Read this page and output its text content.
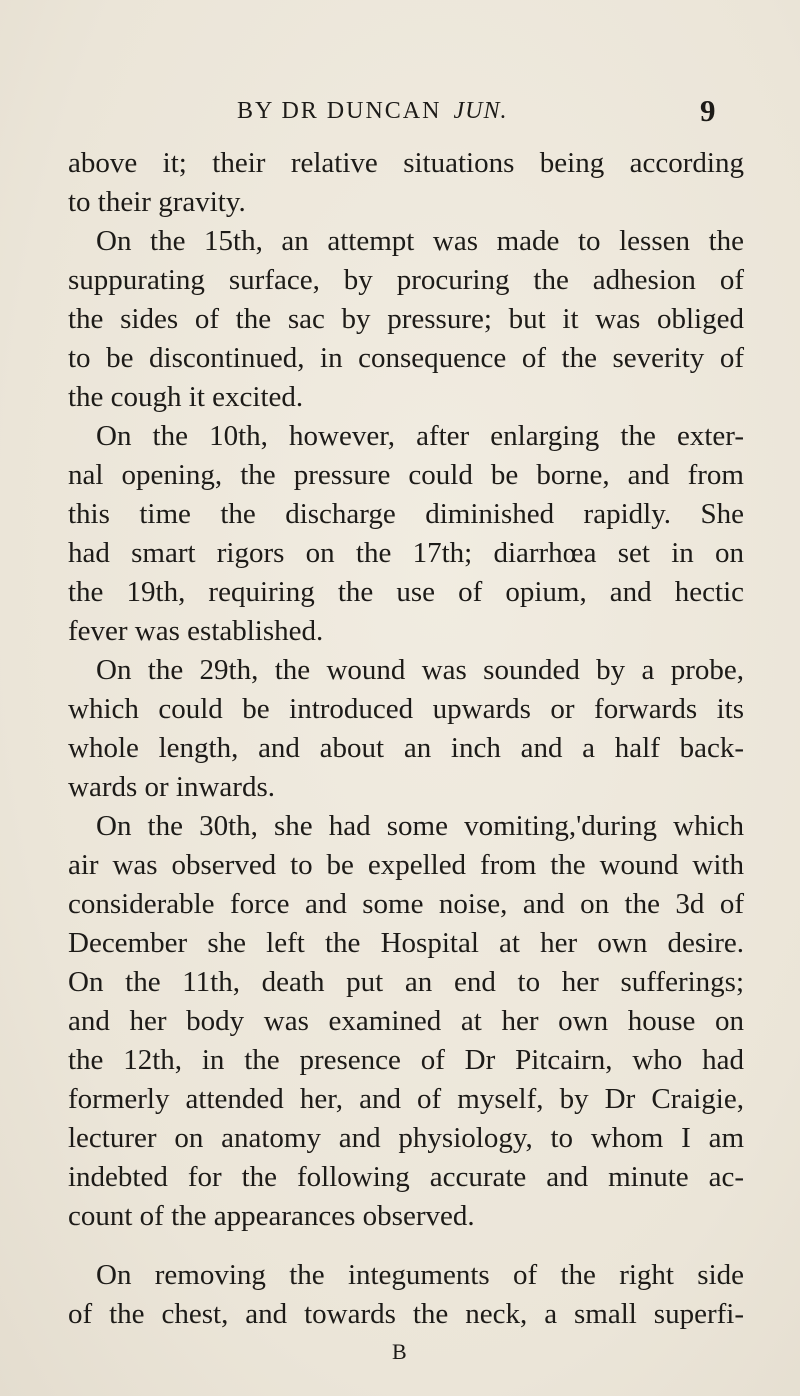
BY DR DUNCAN JUN.	9
above it; their relative situations being according
to their gravity.
On the 15th, an attempt was made to lessen the
suppurating surface, by procuring the adhesion of
the sides of the sac by pressure; but it was obliged
to be discontinued, in consequence of the severity of
the cough it excited.
On the 10th, however, after enlarging the exter-
nal opening, the pressure could be borne, and from
this time the discharge diminished rapidly. She
had smart rigors on the 17th; diarrhœa set in on
the 19th, requiring the use of opium, and hectic
fever was established.
On the 29th, the wound was sounded by a probe,
which could be introduced upwards or forwards its
whole length, and about an inch and a half back-
wards or inwards.
On the 30th, she had some vomiting,'during which
air was observed to be expelled from the wound with
considerable force and some noise, and on the 3d of
December she left the Hospital at her own desire.
On the 11th, death put an end to her sufferings;
and her body was examined at her own house on
the 12th, in the presence of Dr Pitcairn, who had
formerly attended her, and of myself, by Dr Craigie,
lecturer on anatomy and physiology, to whom I am
indebted for the following accurate and minute ac-
count of the appearances observed.
On removing the integuments of the right side
of the chest, and towards the neck, a small superfi-
B
